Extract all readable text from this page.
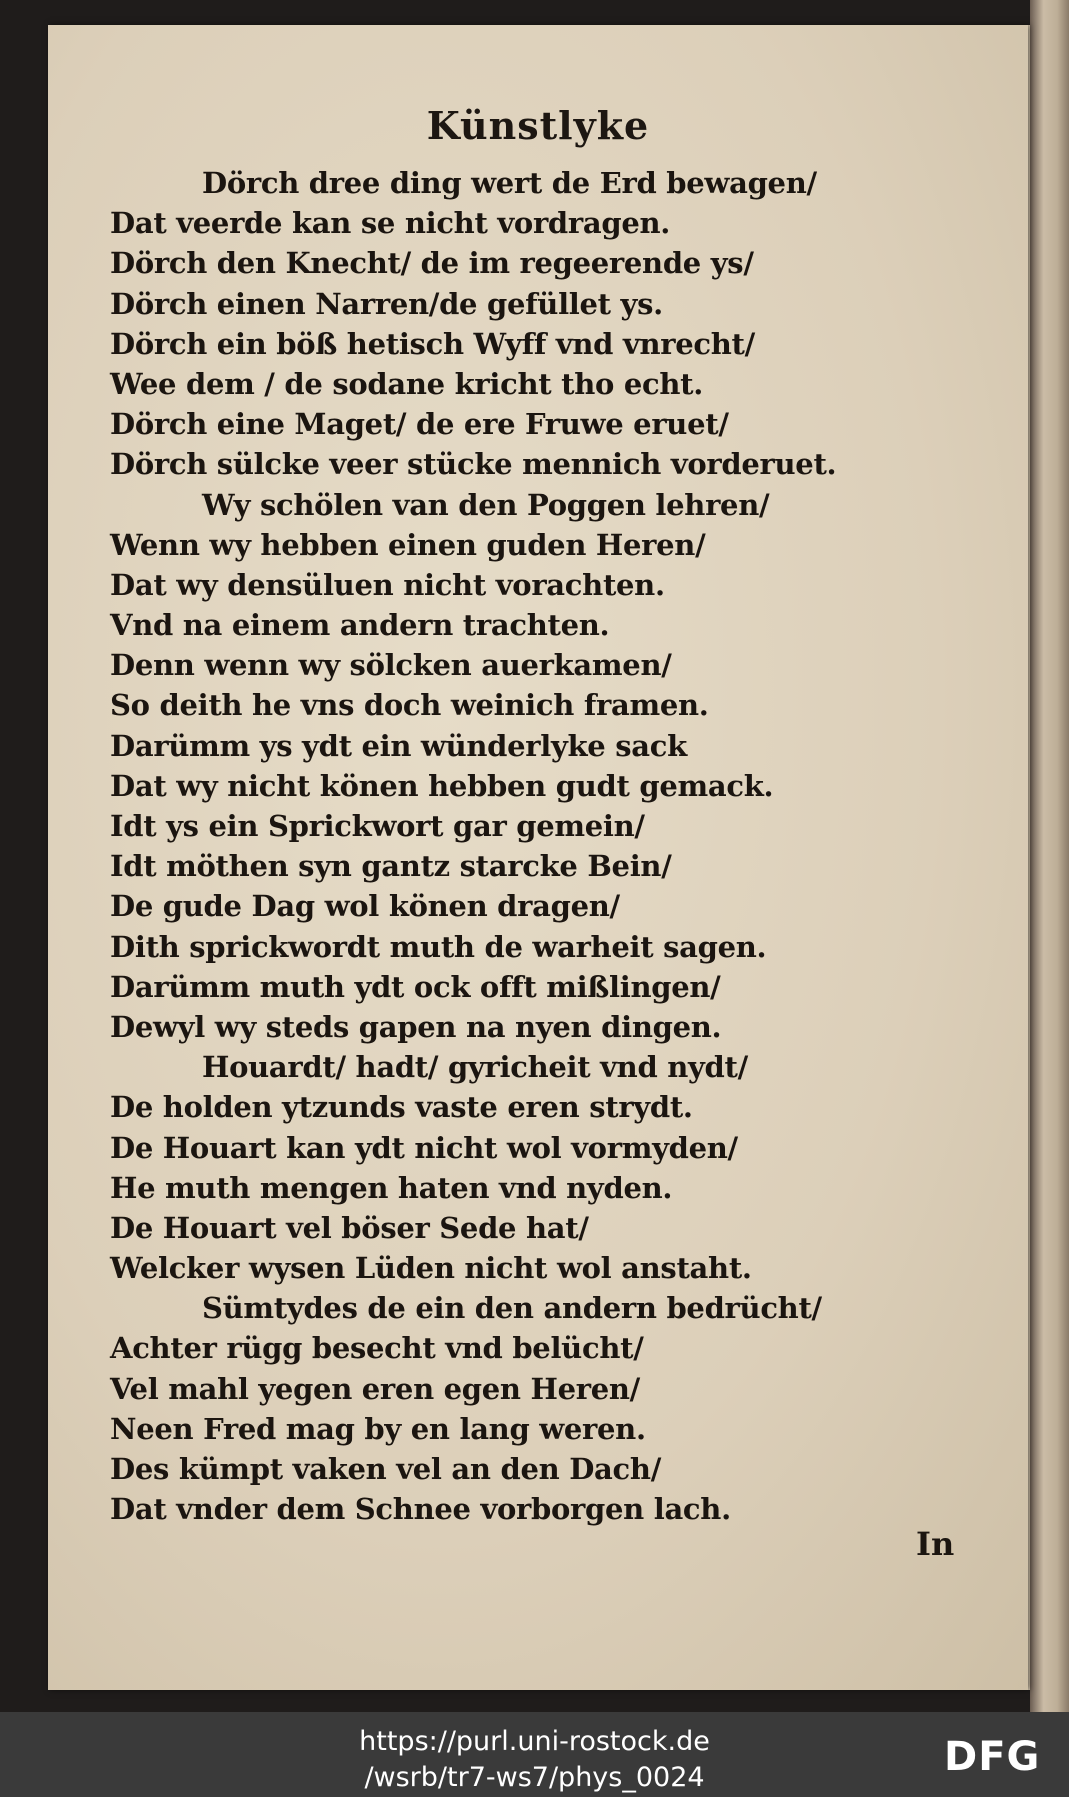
Künstlyke
Dörch dree ding wert de Erd bewagen/
Dat veerde kan se nicht vordragen.
Dörch den Knecht/ de im regeerende ys/
Dörch einen Narren/de gefüllet ys.
Dörch ein böß hetisch Wyff vnd vnrecht/
Wee dem / de sodane kricht tho echt.
Dörch eine Maget/ de ere Fruwe eruet/
Dörch sülcke veer stücke mennich vorderuet.
Wy schölen van den Poggen lehren/
Wenn wy hebben einen guden Heren/
Dat wy densüluen nicht vorachten.
Vnd na einem andern trachten.
Denn wenn wy sölcken auerkamen/
So deith he vns doch weinich framen.
Darümm ys ydt ein wünderlyke sack
Dat wy nicht könen hebben gudt gemack.
Idt ys ein Sprickwort gar gemein/
Idt möthen syn gantz starcke Bein/
De gude Dag wol könen dragen/
Dith sprickwordt muth de warheit sagen.
Darümm muth ydt ock offt mißlingen/
Dewyl wy steds gapen na nyen dingen.
Houardt/ hadt/ gyricheit vnd nydt/
De holden ytzunds vaste eren strydt.
De Houart kan ydt nicht wol vormyden/
He muth mengen haten vnd nyden.
De Houart vel böser Sede hat/
Welcker wysen Lüden nicht wol anstaht.
Sümtydes de ein den andern bedrücht/
Achter rügg besecht vnd belücht/
Vel mahl yegen eren egen Heren/
Neen Fred mag by en lang weren.
Des kümpt vaken vel an den Dach/
Dat vnder dem Schnee vorborgen lach.
In
https://purl.uni-rostock.de
/wsrb/tr7-ws7/phys_0024	DFG
